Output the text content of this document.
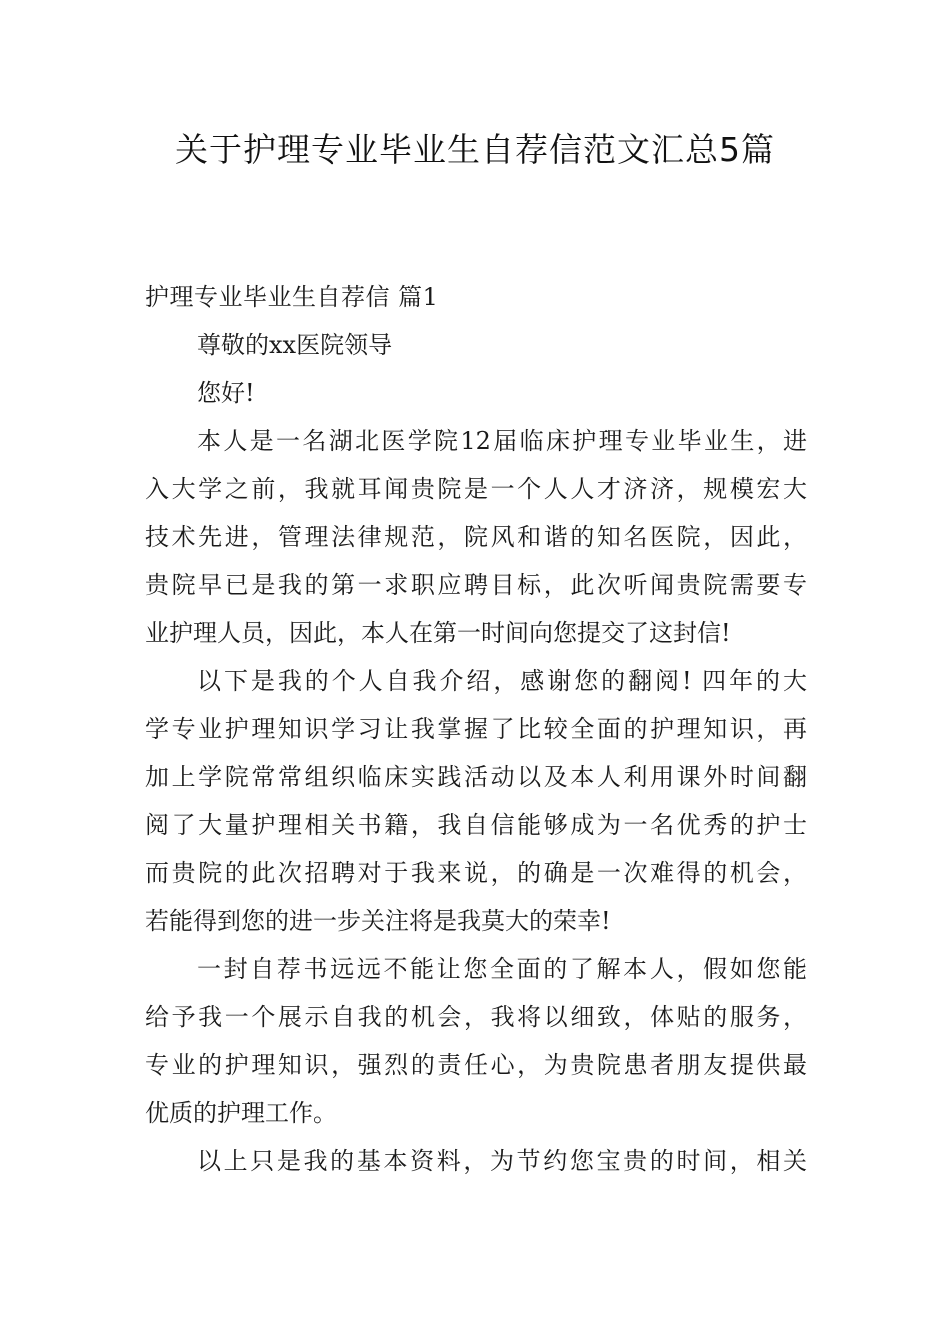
关于护理专业毕业生自荐信范文汇总5篇
护理专业毕业生自荐信 篇1

尊敬的xx医院领导

您好!

本人是一名湖北医学院12届临床护理专业毕业生，进
入大学之前，我就耳闻贵院是一个人人才济济，规模宏大
技术先进，管理法律规范，院风和谐的知名医院，因此，
贵院早已是我的第一求职应聘目标，此次听闻贵院需要专
业护理人员，因此，本人在第一时间向您提交了这封信!
以下是我的个人自我介绍，感谢您的翻阅! 四年的大
学专业护理知识学习让我掌握了比较全面的护理知识，再
加上学院常常组织临床实践活动以及本人利用课外时间翻
阅了大量护理相关书籍，我自信能够成为一名优秀的护士
而贵院的此次招聘对于我来说，的确是一次难得的机会，
若能得到您的进一步关注将是我莫大的荣幸!
一封自荐书远远不能让您全面的了解本人，假如您能
给予我一个展示自我的机会，我将以细致，体贴的服务，
专业的护理知识，强烈的责任心，为贵院患者朋友提供最
优质的护理工作。
以上只是我的基本资料，为节约您宝贵的时间，相关
